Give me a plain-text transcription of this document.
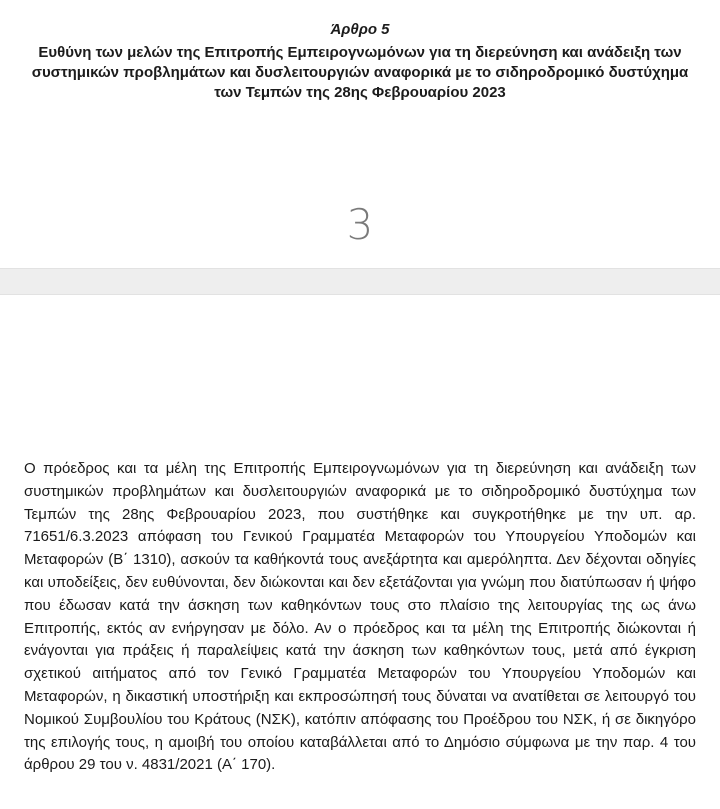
Άρθρο 5
Ευθύνη των μελών της Επιτροπής Εμπειρογνωμόνων για τη διερεύνηση και ανάδειξη των συστημικών προβλημάτων και δυσλειτουργιών αναφορικά με το σιδηροδρομικό δυστύχημα των Τεμπών της 28ης Φεβρουαρίου 2023
3
Ο πρόεδρος και τα μέλη της Επιτροπής Εμπειρογνωμόνων για τη διερεύνηση και ανάδειξη των συστημικών προβλημάτων και δυσλειτουργιών αναφορικά με το σιδηροδρομικό δυστύχημα των Τεμπών της 28ης Φεβρουαρίου 2023, που συστήθηκε και συγκροτήθηκε με την υπ. αρ. 71651/6.3.2023 απόφαση του Γενικού Γραμματέα Μεταφορών του Υπουργείου Υποδομών και Μεταφορών (Β΄ 1310), ασκούν τα καθήκοντά τους ανεξάρτητα και αμερόληπτα. Δεν δέχονται οδηγίες και υποδείξεις, δεν ευθύνονται, δεν διώκονται και δεν εξετάζονται για γνώμη που διατύπωσαν ή ψήφο που έδωσαν κατά την άσκηση των καθηκόντων τους στο πλαίσιο της λειτουργίας της ως άνω Επιτροπής, εκτός αν ενήργησαν με δόλο. Αν ο πρόεδρος και τα μέλη της Επιτροπής διώκονται ή ενάγονται για πράξεις ή παραλείψεις κατά την άσκηση των καθηκόντων τους, μετά από έγκριση σχετικού αιτήματος από τον Γενικό Γραμματέα Μεταφορών του Υπουργείου Υποδομών και Μεταφορών, η δικαστική υποστήριξη και εκπροσώπησή τους δύναται να ανατίθεται σε λειτουργό του Νομικού Συμβουλίου του Κράτους (ΝΣΚ), κατόπιν απόφασης του Προέδρου του ΝΣΚ, ή σε δικηγόρο της επιλογής τους, η αμοιβή του οποίου καταβάλλεται από το Δημόσιο σύμφωνα με την παρ. 4 του άρθρου 29 του ν. 4831/2021 (Α΄ 170).
